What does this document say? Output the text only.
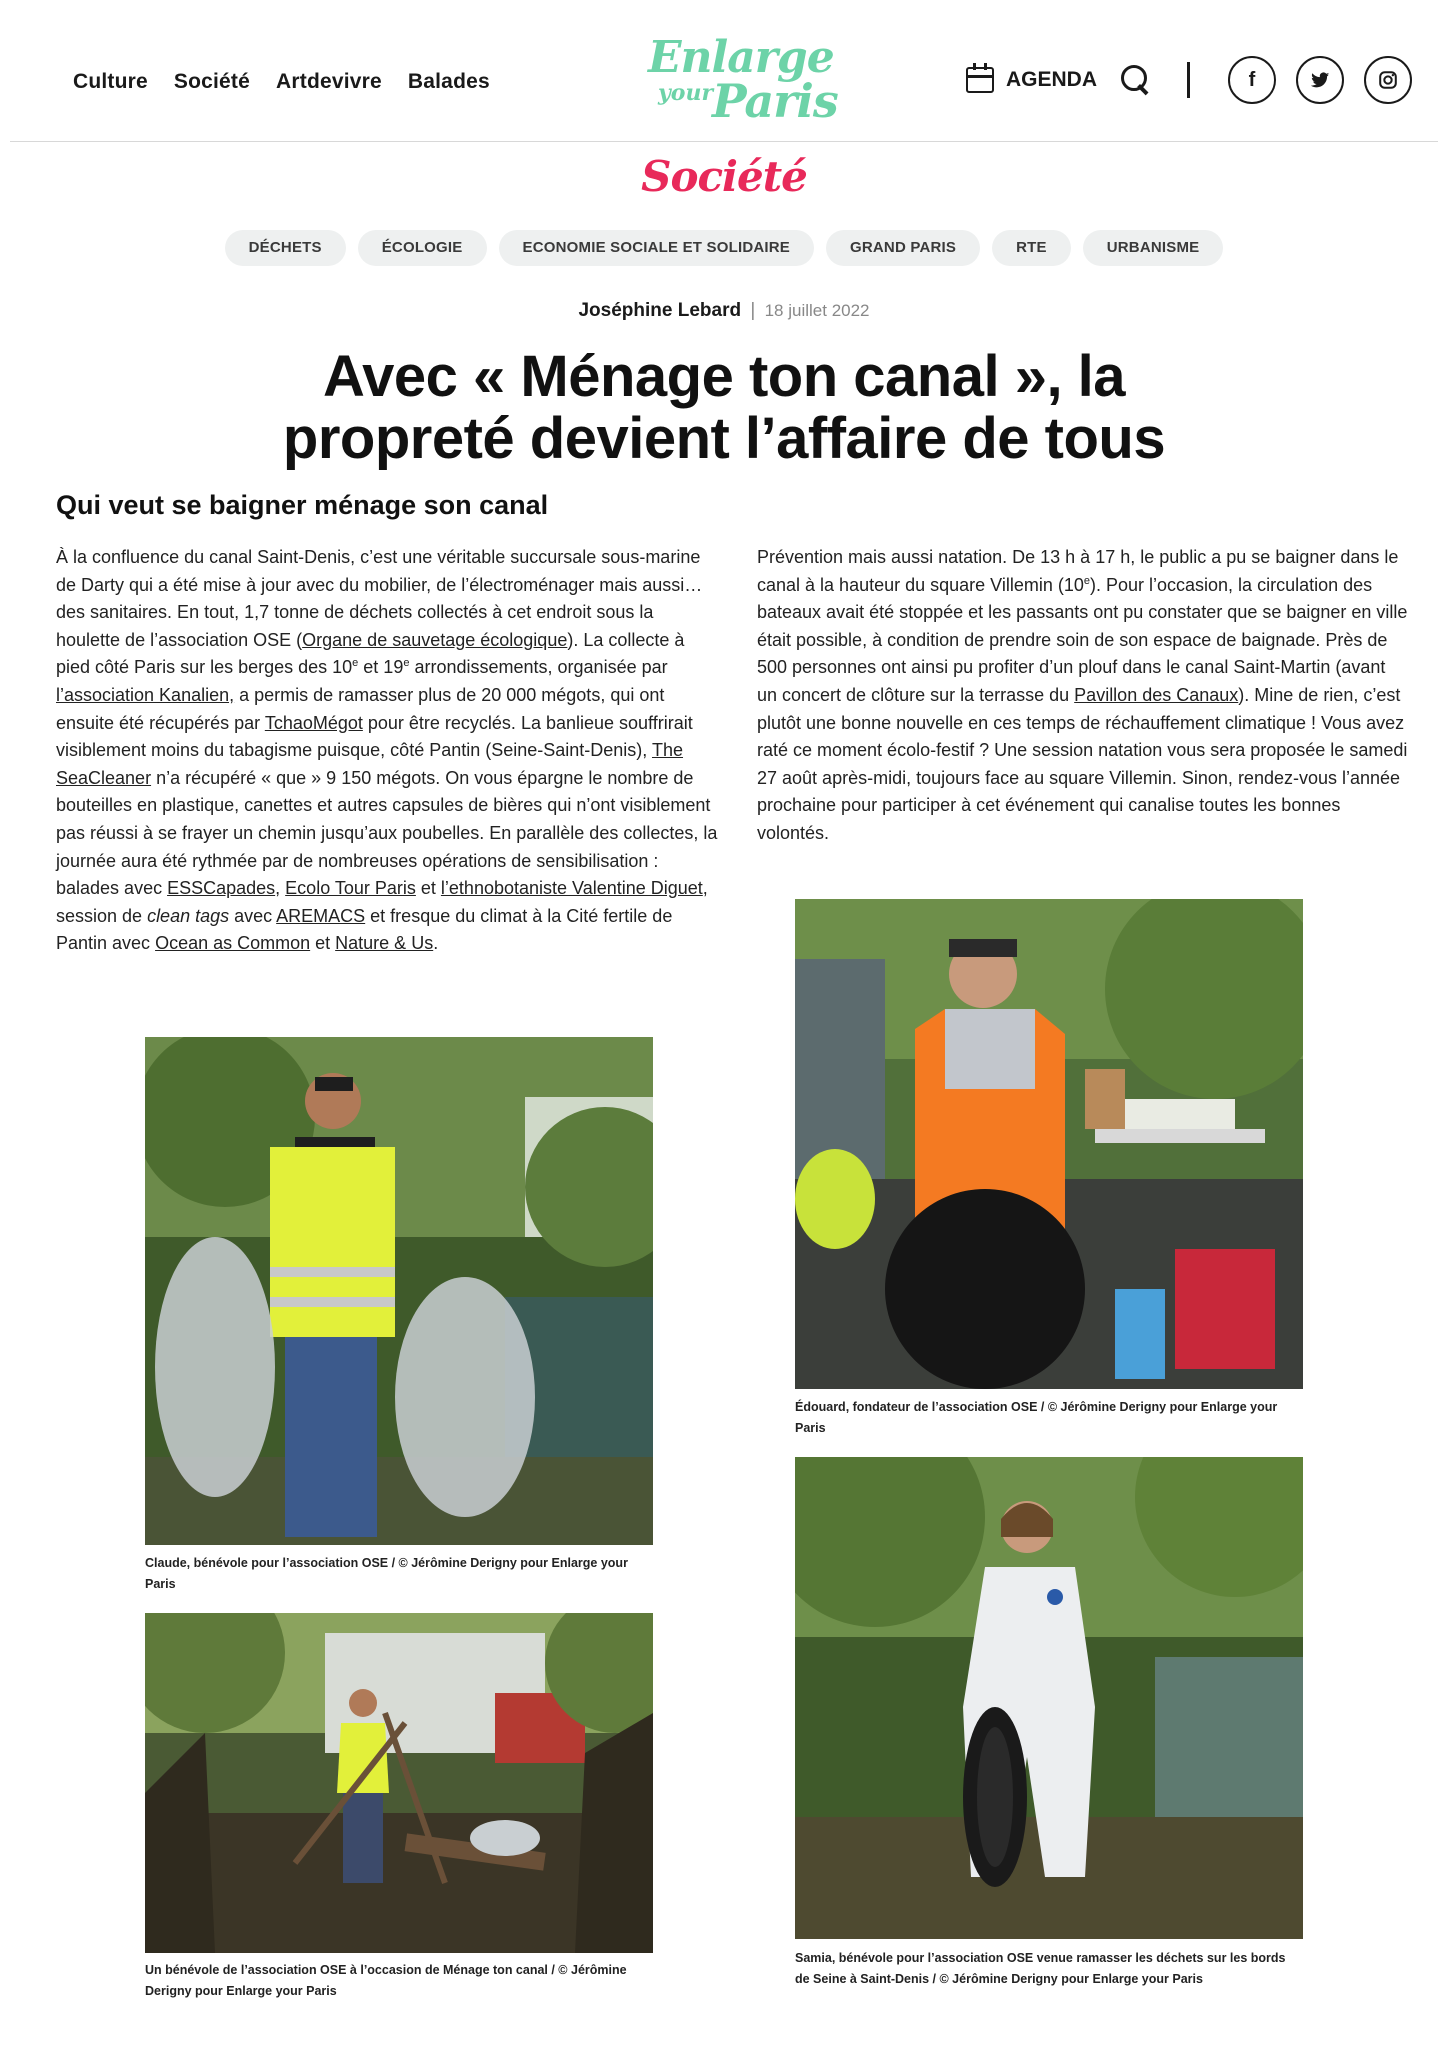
Culture Société Artdevivre Balades	Enlarge
your
Paris	AGENDA	f
Société
DÉCHETS	ÉCOLOGIE	ECONOMIE SOCIALE ET SOLIDAIRE	GRAND PARIS	RTE	URBANISME
Joséphine Lebard | 18 juillet 2022
Avec « Ménage ton canal », la
propreté devient l’affaire de tous
Qui veut se baigner ménage son canal

À la confluence du canal Saint-Denis, c’est une véritable succursale sous-marine de Darty qui a été mise à jour avec du mobilier, de l’électroménager mais aussi… des sanitaires. En tout, 1,7 tonne de déchets collectés à cet endroit sous la houlette de l’association OSE (Organe de sauvetage écologique). La collecte à pied côté Paris sur les berges des 10e et 19e arrondissements, organisée par l’association Kanalien, a permis de ramasser plus de 20 000 mégots, qui ont ensuite été récupérés par TchaoMégot pour être recyclés. La banlieue souffrirait visiblement moins du tabagisme puisque, côté Pantin (Seine-Saint-Denis), The SeaCleaner n’a récupéré « que » 9 150 mégots. On vous épargne le nombre de bouteilles en plastique, canettes et autres capsules de bières qui n’ont visiblement pas réussi à se frayer un chemin jusqu’aux poubelles. En parallèle des collectes, la journée aura été rythmée par de nombreuses opérations de sensibilisation : balades avec ESSCapades, Ecolo Tour Paris et l’ethnobotaniste Valentine Diguet, session de clean tags avec AREMACS et fresque du climat à la Cité fertile de Pantin avec Ocean as Common et Nature & Us.

Prévention mais aussi natation. De 13 h à 17 h, le public a pu se baigner dans le canal à la hauteur du square Villemin (10e). Pour l’occasion, la circulation des bateaux avait été stoppée et les passants ont pu constater que se baigner en ville était possible, à condition de prendre soin de son espace de baignade. Près de 500 personnes ont ainsi pu profiter d’un plouf dans le canal Saint-Martin (avant un concert de clôture sur la terrasse du Pavillon des Canaux). Mine de rien, c’est plutôt une bonne nouvelle en ces temps de réchauffement climatique ! Vous avez raté ce moment écolo-festif ? Une session natation vous sera proposée le samedi 27 août après-midi, toujours face au square Villemin. Sinon, rendez-vous l’année prochaine pour participer à cet événement qui canalise toutes les bonnes volontés.

Claude, bénévole pour l’association OSE / © Jérômine Derigny pour Enlarge your Paris
Un bénévole de l’association OSE à l’occasion de Ménage ton canal / © Jérômine Derigny pour Enlarge your Paris
Édouard, fondateur de l’association OSE / © Jérômine Derigny pour Enlarge your Paris
Samia, bénévole pour l’association OSE venue ramasser les déchets sur les bords de Seine à Saint-Denis / © Jérômine Derigny pour Enlarge your Paris
